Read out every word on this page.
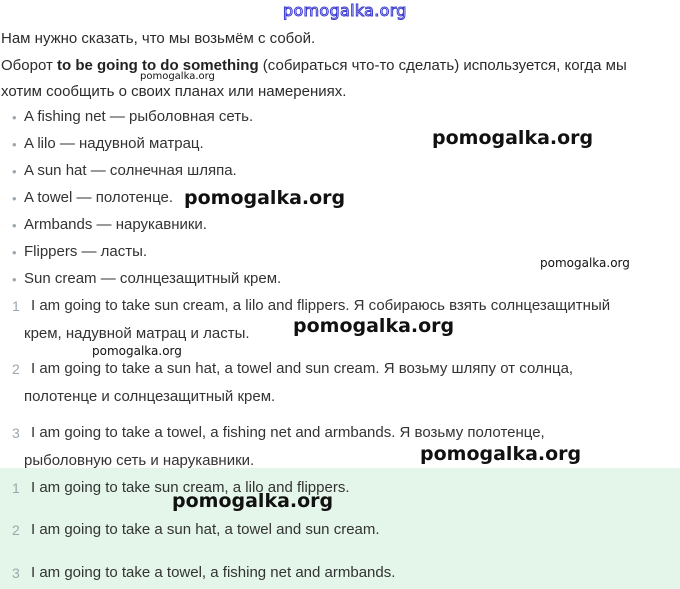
Нам нужно сказать, что мы возьмём с собой.
Оборот to be going to do something (собираться что-то сделать) используется, когда мы
хотим сообщить о своих планах или намерениях.
• A fishing net — рыболовная сеть.
• A lilo — надувной матрац.
• A sun hat — солнечная шляпа.
• A towel — полотенце.
• Armbands — нарукавники.
• Flippers — ласты.
• Sun cream — солнцезащитный крем.
1 I am going to take sun cream, a lilo and flippers. Я собираюсь взять солнцезащитный
крем, надувной матрац и ласты.
2 I am going to take a sun hat, a towel and sun cream. Я возьму шляпу от солнца,
полотенце и солнцезащитный крем.
3 I am going to take a towel, a fishing net and armbands. Я возьму полотенце,
рыболовную сеть и нарукавники.
1 I am going to take sun cream, a lilo and flippers.
2 I am going to take a sun hat, a towel and sun cream.
3 I am going to take a towel, a fishing net and armbands.
pomogalka.org
pomogalka.org
pomogalka.org
pomogalka.org
pomogalka.org
pomogalka.org
pomogalka.org
pomogalka.org
pomogalka.org
